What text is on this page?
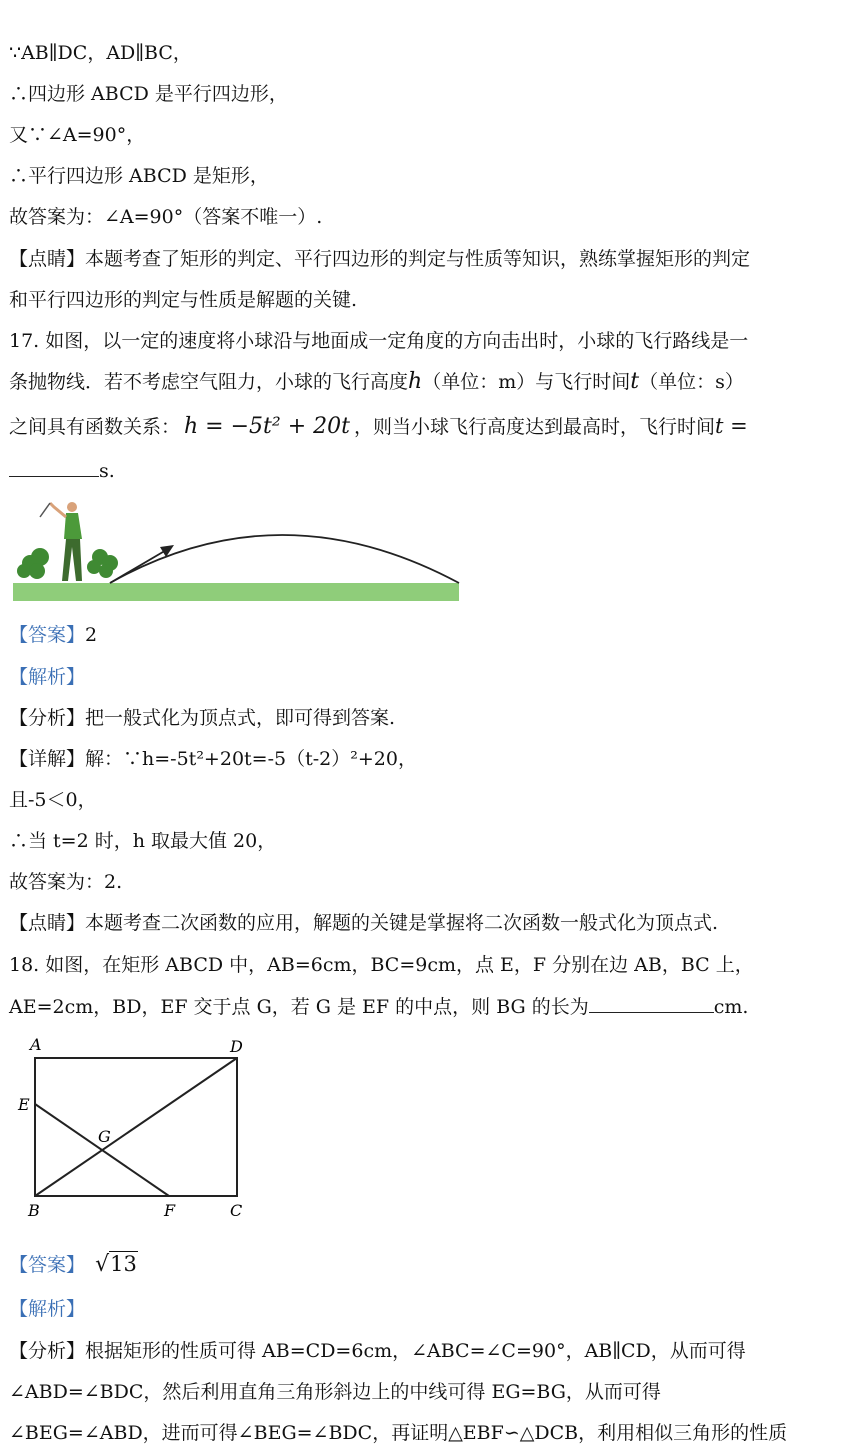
∵AB∥DC，AD∥BC，
∴四边形 ABCD 是平行四边形，
又∵∠A=90°，
∴平行四边形 ABCD 是矩形，
故答案为：∠A=90°（答案不唯一）.
【点睛】本题考查了矩形的判定、平行四边形的判定与性质等知识，熟练掌握矩形的判定
和平行四边形的判定与性质是解题的关键.
17. 如图，以一定的速度将小球沿与地面成一定角度的方向击出时，小球的飞行路线是一
条抛物线．若不考虑空气阻力，小球的飞行高度h（单位：m）与飞行时间t（单位：s）
之间具有函数关系： h = −5t² + 20t ，则当小球飞行高度达到最高时，飞行时间t =
s.
【答案】2
【解析】
【分析】把一般式化为顶点式，即可得到答案.
【详解】解：∵h=-5t²+20t=-5（t-2）²+20，
且-5＜0，
∴当 t=2 时，h 取最大值 20，
故答案为：2.
【点睛】本题考查二次函数的应用，解题的关键是掌握将二次函数一般式化为顶点式.
18. 如图，在矩形 ABCD 中，AB=6cm，BC=9cm，点 E，F 分别在边 AB，BC 上，
AE=2cm，BD，EF 交于点 G，若 G 是 EF 的中点，则 BG 的长为	cm.
A	D
E
G
B	F	C
【答案】 √13
【解析】
【分析】根据矩形的性质可得 AB=CD=6cm，∠ABC=∠C=90°，AB∥CD，从而可得
∠ABD=∠BDC，然后利用直角三角形斜边上的中线可得 EG=BG，从而可得
∠BEG=∠ABD，进而可得∠BEG=∠BDC，再证明△EBF∽△DCB，利用相似三角形的性质
